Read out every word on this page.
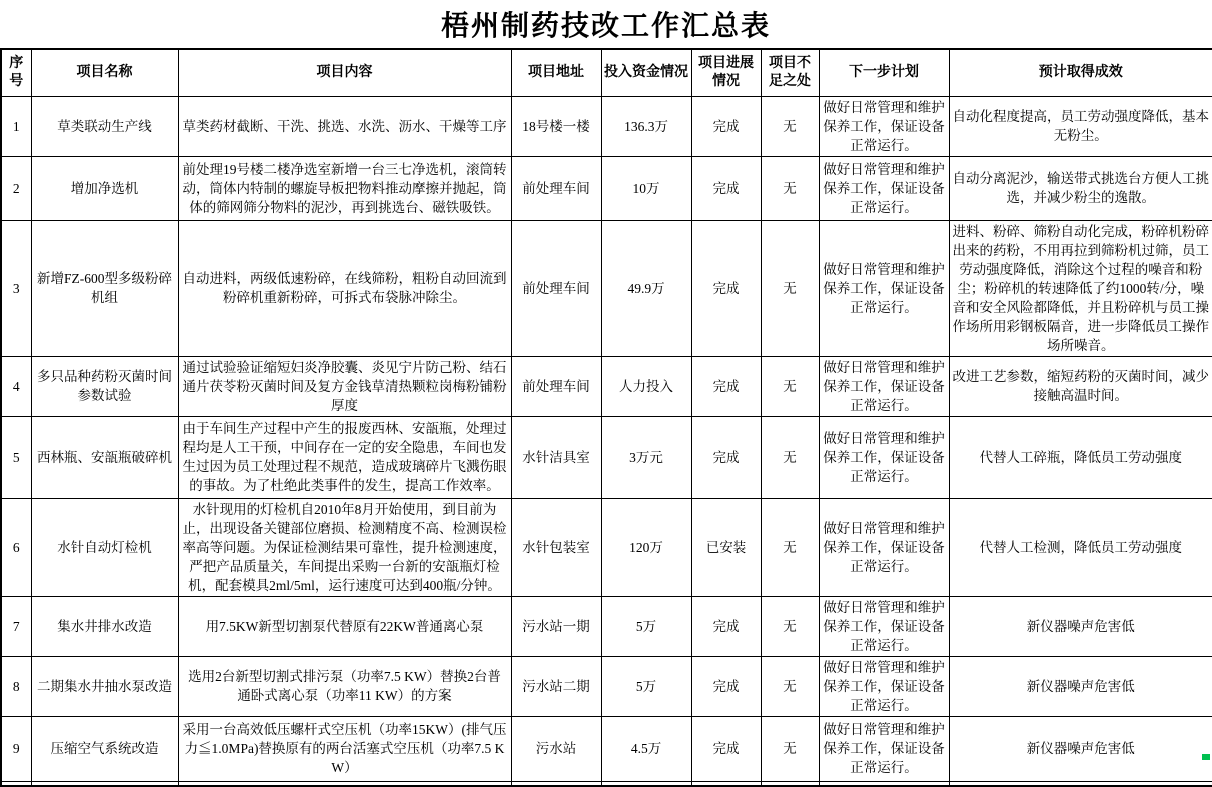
梧州制药技改工作汇总表
序号	项目名称	项目内容	项目地址	投入资金情况	项目进展情况	项目不足之处	下一步计划	预计取得成效
1	草类联动生产线	草类药材截断、干洗、挑选、水洗、沥水、干燥等工序	18号楼一楼	136.3万	完成	无	做好日常管理和维护保养工作，保证设备正常运行。	自动化程度提高，员工劳动强度降低，基本无粉尘。
2	增加净选机	前处理19号楼二楼净选室新增一台三七净选机，滚筒转动，筒体内特制的螺旋导板把物料推动摩擦并抛起，筒体的筛网筛分物料的泥沙，再到挑选台、磁铁吸铁。	前处理车间	10万	完成	无	做好日常管理和维护保养工作，保证设备正常运行。	自动分离泥沙，输送带式挑选台方便人工挑选，并减少粉尘的逸散。
3	新增FZ-600型多级粉碎机组	自动进料，两级低速粉碎，在线筛粉，粗粉自动回流到粉碎机重新粉碎，可拆式布袋脉冲除尘。	前处理车间	49.9万	完成	无	做好日常管理和维护保养工作，保证设备正常运行。	进料、粉碎、筛粉自动化完成，粉碎机粉碎出来的药粉，不用再拉到筛粉机过筛，员工劳动强度降低，消除这个过程的噪音和粉尘；粉碎机的转速降低了约1000转/分，噪音和安全风险都降低，并且粉碎机与员工操作场所用彩钢板隔音，进一步降低员工操作场所噪音。
4	多只品种药粉灭菌时间参数试验	通过试验验证缩短妇炎净胶囊、炎见宁片防己粉、结石通片茯苓粉灭菌时间及复方金钱草清热颗粒岗梅粉铺粉厚度	前处理车间	人力投入	完成	无	做好日常管理和维护保养工作，保证设备正常运行。	改进工艺参数，缩短药粉的灭菌时间，减少接触高温时间。
5	西林瓶、安瓿瓶破碎机	由于车间生产过程中产生的报废西林、安瓿瓶，处理过程均是人工干预，中间存在一定的安全隐患，车间也发生过因为员工处理过程不规范，造成玻璃碎片飞溅伤眼的事故。为了杜绝此类事件的发生，提高工作效率。	水针洁具室	3万元	完成	无	做好日常管理和维护保养工作，保证设备正常运行。	代替人工碎瓶，降低员工劳动强度
6	水针自动灯检机	水针现用的灯检机自2010年8月开始使用，到目前为止，出现设备关键部位磨损、检测精度不高、检测误检率高等问题。为保证检测结果可靠性，提升检测速度，严把产品质量关，车间提出采购一台新的安瓿瓶灯检机，配套模具2ml/5ml，运行速度可达到400瓶/分钟。	水针包装室	120万	已安装	无	做好日常管理和维护保养工作，保证设备正常运行。	代替人工检测，降低员工劳动强度
7	集水井排水改造	用7.5KW新型切割泵代替原有22KW普通离心泵	污水站一期	5万	完成	无	做好日常管理和维护保养工作，保证设备正常运行。	新仪器噪声危害低
8	二期集水井抽水泵改造	选用2台新型切割式排污泵（功率7.5 KW）替换2台普通卧式离心泵（功率11 KW）的方案	污水站二期	5万	完成	无	做好日常管理和维护保养工作，保证设备正常运行。	新仪器噪声危害低
9	压缩空气系统改造	采用一台高效低压螺杆式空压机（功率15KW）(排气压力≦1.0MPa)替换原有的两台活塞式空压机（功率7.5 KW）	污水站	4.5万	完成	无	做好日常管理和维护保养工作，保证设备正常运行。	新仪器噪声危害低
